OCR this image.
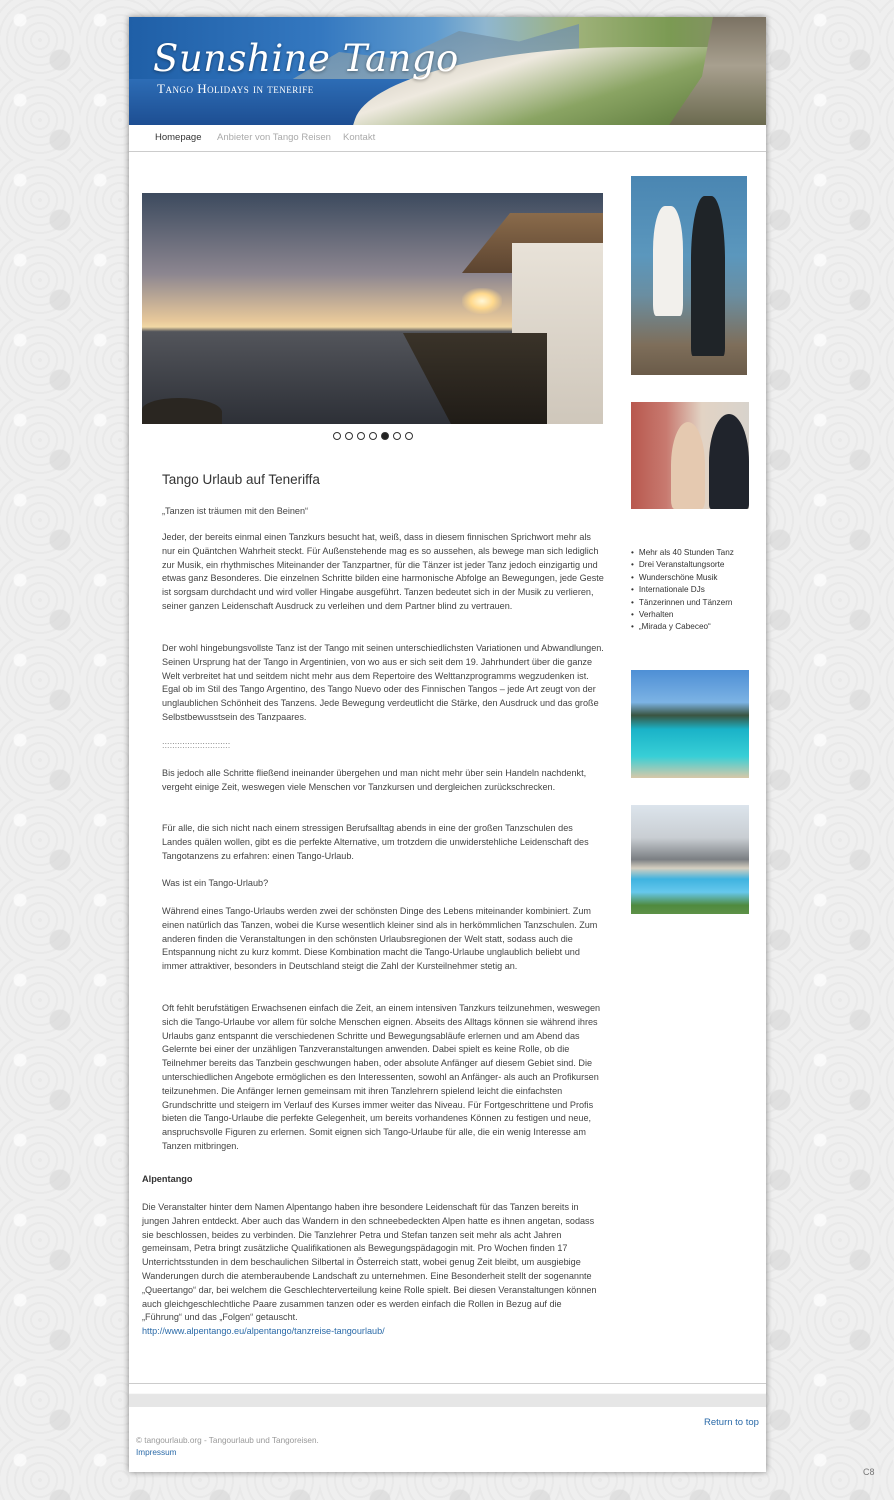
Sunshine Tango
Tango Holidays in tenerife
Homepage Anbieter von Tango Reisen Kontakt
Tango Urlaub auf Teneriffa
„Tanzen ist träumen mit den Beinen“
Jeder, der bereits einmal einen Tanzkurs besucht hat, weiß, dass in diesem finnischen Sprichwort mehr als nur ein Quäntchen Wahrheit steckt. Für Außenstehende mag es so aussehen, als bewege man sich lediglich zur Musik, ein rhythmisches Miteinander der Tanzpartner, für die Tänzer ist jeder Tanz jedoch einzigartig und etwas ganz Besonderes. Die einzelnen Schritte bilden eine harmonische Abfolge an Bewegungen, jede Geste ist sorgsam durchdacht und wird voller Hingabe ausgeführt. Tanzen bedeutet sich in der Musik zu verlieren, seiner ganzen Leidenschaft Ausdruck zu verleihen und dem Partner blind zu vertrauen.
Der wohl hingebungsvollste Tanz ist der Tango mit seinen unterschiedlichsten Variationen und Abwandlungen. Seinen Ursprung hat der Tango in Argentinien, von wo aus er sich seit dem 19. Jahrhundert über die ganze Welt verbreitet hat und seitdem nicht mehr aus dem Repertoire des Welttanzprogramms wegzudenken ist. Egal ob im Stil des Tango Argentino, des Tango Nuevo oder des Finnischen Tangos – jede Art zeugt von der unglaublichen Schönheit des Tanzens. Jede Bewegung verdeutlicht die Stärke, den Ausdruck und das große Selbstbewusstsein des Tanzpaares.
:::::::::::::::::::::::::::
Bis jedoch alle Schritte fließend ineinander übergehen und man nicht mehr über sein Handeln nachdenkt, vergeht einige Zeit, weswegen viele Menschen vor Tanzkursen und dergleichen zurückschrecken.
Für alle, die sich nicht nach einem stressigen Berufsalltag abends in eine der großen Tanzschulen des Landes quälen wollen, gibt es die perfekte Alternative, um trotzdem die unwiderstehliche Leidenschaft des Tangotanzens zu erfahren: einen Tango-Urlaub.
Was ist ein Tango-Urlaub?
Während eines Tango-Urlaubs werden zwei der schönsten Dinge des Lebens miteinander kombiniert. Zum einen natürlich das Tanzen, wobei die Kurse wesentlich kleiner sind als in herkömmlichen Tanzschulen. Zum anderen finden die Veranstaltungen in den schönsten Urlaubsregionen der Welt statt, sodass auch die Entspannung nicht zu kurz kommt. Diese Kombination macht die Tango-Urlaube unglaublich beliebt und immer attraktiver, besonders in Deutschland steigt die Zahl der Kursteilnehmer stetig an.
Oft fehlt berufstätigen Erwachsenen einfach die Zeit, an einem intensiven Tanzkurs teilzunehmen, weswegen sich die Tango-Urlaube vor allem für solche Menschen eignen. Abseits des Alltags können sie während ihres Urlaubs ganz entspannt die verschiedenen Schritte und Bewegungsabläufe erlernen und am Abend das Gelernte bei einer der unzähligen Tanzveranstaltungen anwenden. Dabei spielt es keine Rolle, ob die Teilnehmer bereits das Tanzbein geschwungen haben, oder absolute Anfänger auf diesem Gebiet sind. Die unterschiedlichen Angebote ermöglichen es den Interessenten, sowohl an Anfänger- als auch an Profikursen teilzunehmen. Die Anfänger lernen gemeinsam mit ihren Tanzlehrern spielend leicht die einfachsten Grundschritte und steigern im Verlauf des Kurses immer weiter das Niveau. Für Fortgeschrittene und Profis bieten die Tango-Urlaube die perfekte Gelegenheit, um bereits vorhandenes Können zu festigen und neue, anspruchsvolle Figuren zu erlernen. Somit eignen sich Tango-Urlaube für alle, die ein wenig Interesse am Tanzen mitbringen.
Alpentango
Die Veranstalter hinter dem Namen Alpentango haben ihre besondere Leidenschaft für das Tanzen bereits in jungen Jahren entdeckt. Aber auch das Wandern in den schneebedeckten Alpen hatte es ihnen angetan, sodass sie beschlossen, beides zu verbinden. Die Tanzlehrer Petra und Stefan tanzen seit mehr als acht Jahren gemeinsam, Petra bringt zusätzliche Qualifikationen als Bewegungspädagogin mit. Pro Wochen finden 17 Unterrichtsstunden in dem beschaulichen Silbertal in Österreich statt, wobei genug Zeit bleibt, um ausgiebige Wanderungen durch die atemberaubende Landschaft zu unternehmen. Eine Besonderheit stellt der sogenannte „Queertango“ dar, bei welchem die Geschlechterverteilung keine Rolle spielt. Bei diesen Veranstaltungen können auch gleichgeschlechtliche Paare zusammen tanzen oder es werden einfach die Rollen in Bezug auf die „Führung“ und das „Folgen“ getauscht.
http://www.alpentango.eu/alpentango/tanzreise-tangourlaub/
• Mehr als 40 Stunden Tanz
• Drei Veranstaltungsorte
• Wunderschöne Musik
• Internationale DJs
• Tänzerinnen und Tänzern
• Verhalten
• „Mirada y Cabeceo“
Return to top
© tangourlaub.org - Tangourlaub und Tangoreisen.
Impressum
C8
